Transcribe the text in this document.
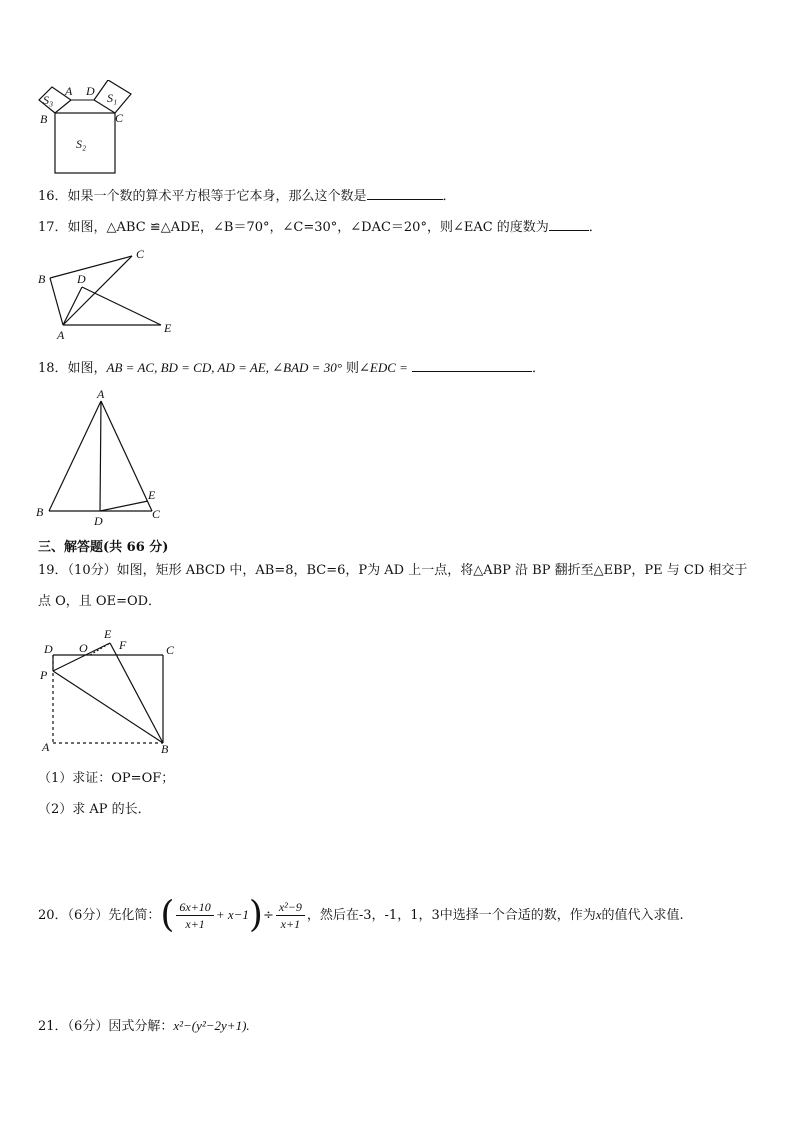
S₃
A D S₁
B	C
S₂
16．如果一个数的算术平方根等于它本身，那么这个数是	．
17．如图，△ABC ≌△ADE，∠B＝70°，∠C=30°，∠DAC＝20°，则∠EAC 的度数为	．
B
C
D
A	E
18．如图，AB = AC, BD = CD, AD = AE, ∠BAD = 30° 则∠EDC =	．
A
B
D	C
E
三、解答题(共 66 分)
19．（10分）如图，矩形 ABCD 中，AB=8，BC=6，P为 AD 上一点，将△ABP 沿 BP 翻折至△EBP，PE 与 CD 相交于
点 O，且 OE=OD．
D O
E
F	C
P
A	B
（1）求证：OP=OF；
（2）求 AP 的长．
20．（6分）先化简：( $\frac{6x+10}{x+1} + x-1)\div \frac{\text{x²−9}}{x+1}$ ，然后在-3，-1，1，3中选择一个合适的数，作为x的值代入求值.
21．（6分）因式分解：x²−(y²−2y+1).
